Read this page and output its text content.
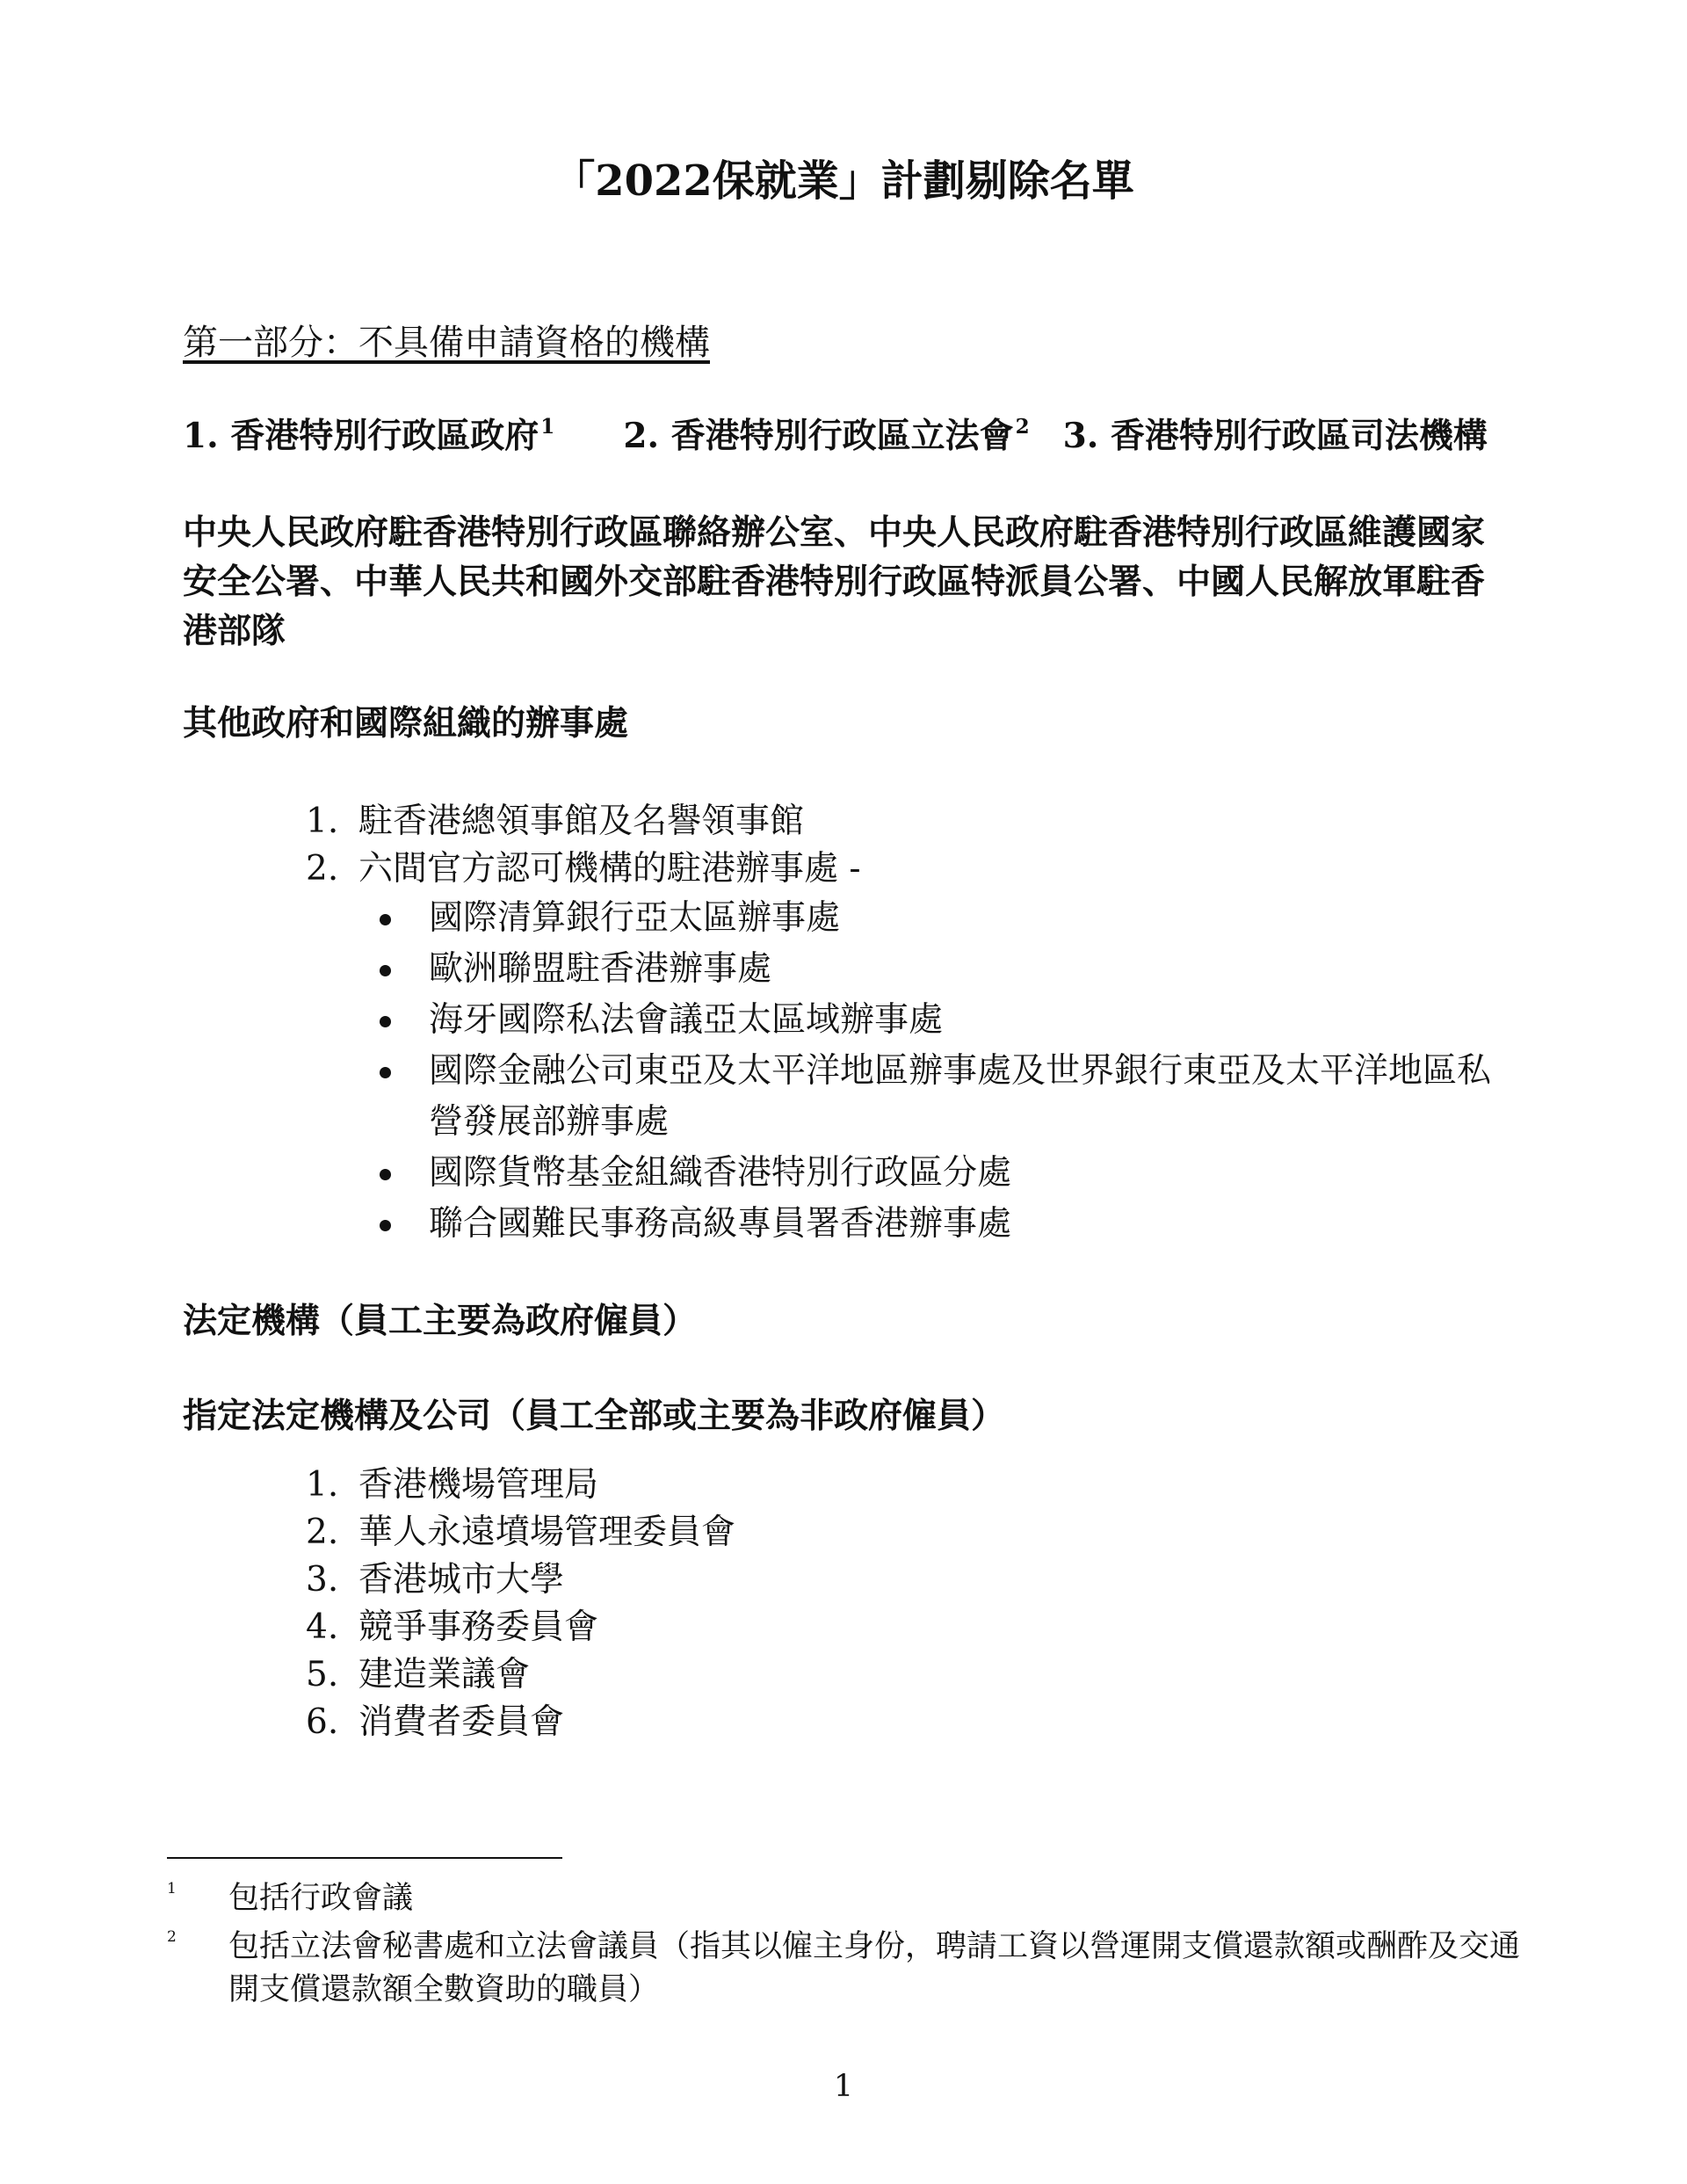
「2022保就業」計劃剔除名單
第一部分：不具備申請資格的機構
1. 香港特別行政區政府$^1$ 2. 香港特別行政區立法會$^2$ 3. 香港特別行政區司法機構
中央人民政府駐香港特別行政區聯絡辦公室、中央人民政府駐香港特別行政區維護國家安全公署、中華人民共和國外交部駐香港特別行政區特派員公署、中國人民解放軍駐香港部隊
其他政府和國際組織的辦事處
1. 駐香港總領事館及名譽領事館
2. 六間官方認可機構的駐港辦事處 -
國際清算銀行亞太區辦事處
歐洲聯盟駐香港辦事處
海牙國際私法會議亞太區域辦事處
國際金融公司東亞及太平洋地區辦事處及世界銀行東亞及太平洋地區私營發展部辦事處
國際貨幣基金組織香港特別行政區分處
聯合國難民事務高級專員署香港辦事處
法定機構（員工主要為政府僱員）
指定法定機構及公司（員工全部或主要為非政府僱員）
1. 香港機場管理局
2. 華人永遠墳場管理委員會
3. 香港城市大學
4. 競爭事務委員會
5. 建造業議會
6. 消費者委員會
1	包括行政會議
2	包括立法會秘書處和立法會議員（指其以僱主身份，聘請工資以營運開支償還款額或酬酢及交通開支償還款額全數資助的職員）
1
